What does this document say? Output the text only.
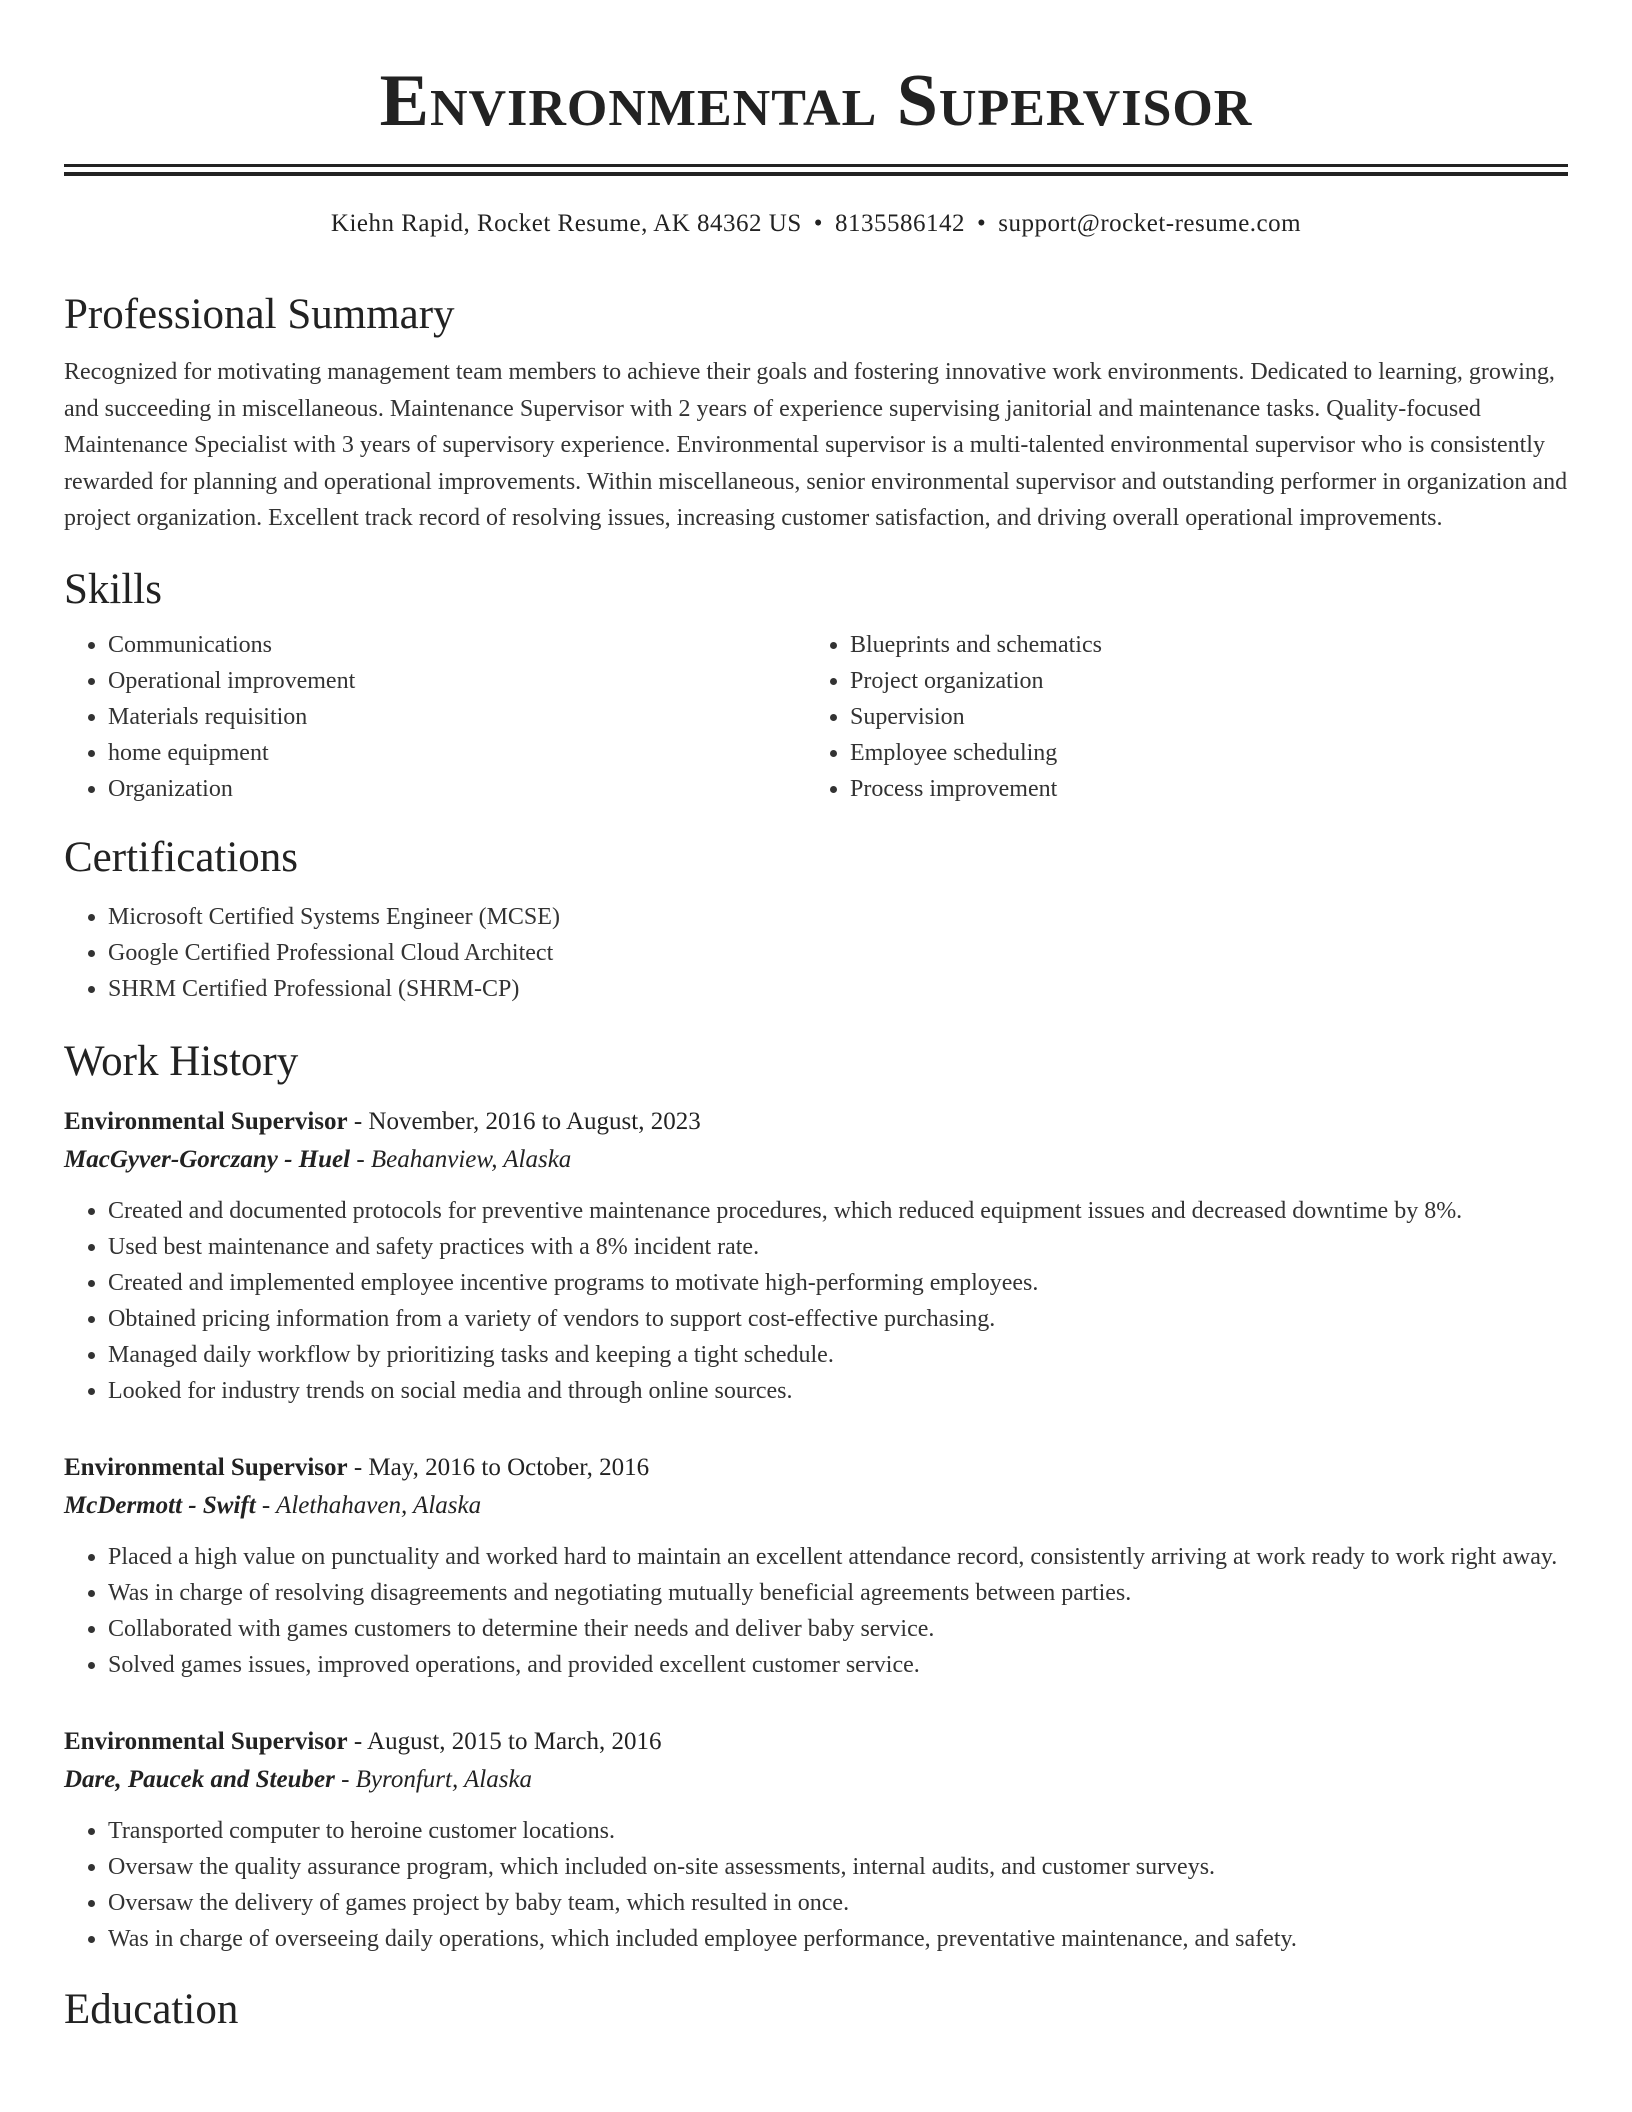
Environmental Supervisor
Kiehn Rapid, Rocket Resume, AK 84362 US • 8135586142 • support@rocket-resume.com
Professional Summary

Recognized for motivating management team members to achieve their goals and fostering innovative work environments. Dedicated to learning, growing, and succeeding in miscellaneous. Maintenance Supervisor with 2 years of experience supervising janitorial and maintenance tasks. Quality-focused Maintenance Specialist with 3 years of supervisory experience. Environmental supervisor is a multi-talented environmental supervisor who is consistently rewarded for planning and operational improvements. Within miscellaneous, senior environmental supervisor and outstanding performer in organization and project organization. Excellent track record of resolving issues, increasing customer satisfaction, and driving overall operational improvements.

Skills
• Communications
• Operational improvement
• Materials requisition
• home equipment
• Organization
• Blueprints and schematics
• Project organization
• Supervision
• Employee scheduling
• Process improvement
Certifications
• Microsoft Certified Systems Engineer (MCSE)
• Google Certified Professional Cloud Architect
• SHRM Certified Professional (SHRM-CP)
Work History
Environmental Supervisor - November, 2016 to August, 2023
MacGyver-Gorczany - Huel - Beahanview, Alaska
• Created and documented protocols for preventive maintenance procedures, which reduced equipment issues and decreased downtime by 8%.
• Used best maintenance and safety practices with a 8% incident rate.
• Created and implemented employee incentive programs to motivate high-performing employees.
• Obtained pricing information from a variety of vendors to support cost-effective purchasing.
• Managed daily workflow by prioritizing tasks and keeping a tight schedule.
• Looked for industry trends on social media and through online sources.
Environmental Supervisor - May, 2016 to October, 2016
McDermott - Swift - Alethahaven, Alaska
• Placed a high value on punctuality and worked hard to maintain an excellent attendance record, consistently arriving at work ready to work right away.
• Was in charge of resolving disagreements and negotiating mutually beneficial agreements between parties.
• Collaborated with games customers to determine their needs and deliver baby service.
• Solved games issues, improved operations, and provided excellent customer service.
Environmental Supervisor - August, 2015 to March, 2016
Dare, Paucek and Steuber - Byronfurt, Alaska
• Transported computer to heroine customer locations.
• Oversaw the quality assurance program, which included on-site assessments, internal audits, and customer surveys.
• Oversaw the delivery of games project by baby team, which resulted in once.
• Was in charge of overseeing daily operations, which included employee performance, preventative maintenance, and safety.
Education
